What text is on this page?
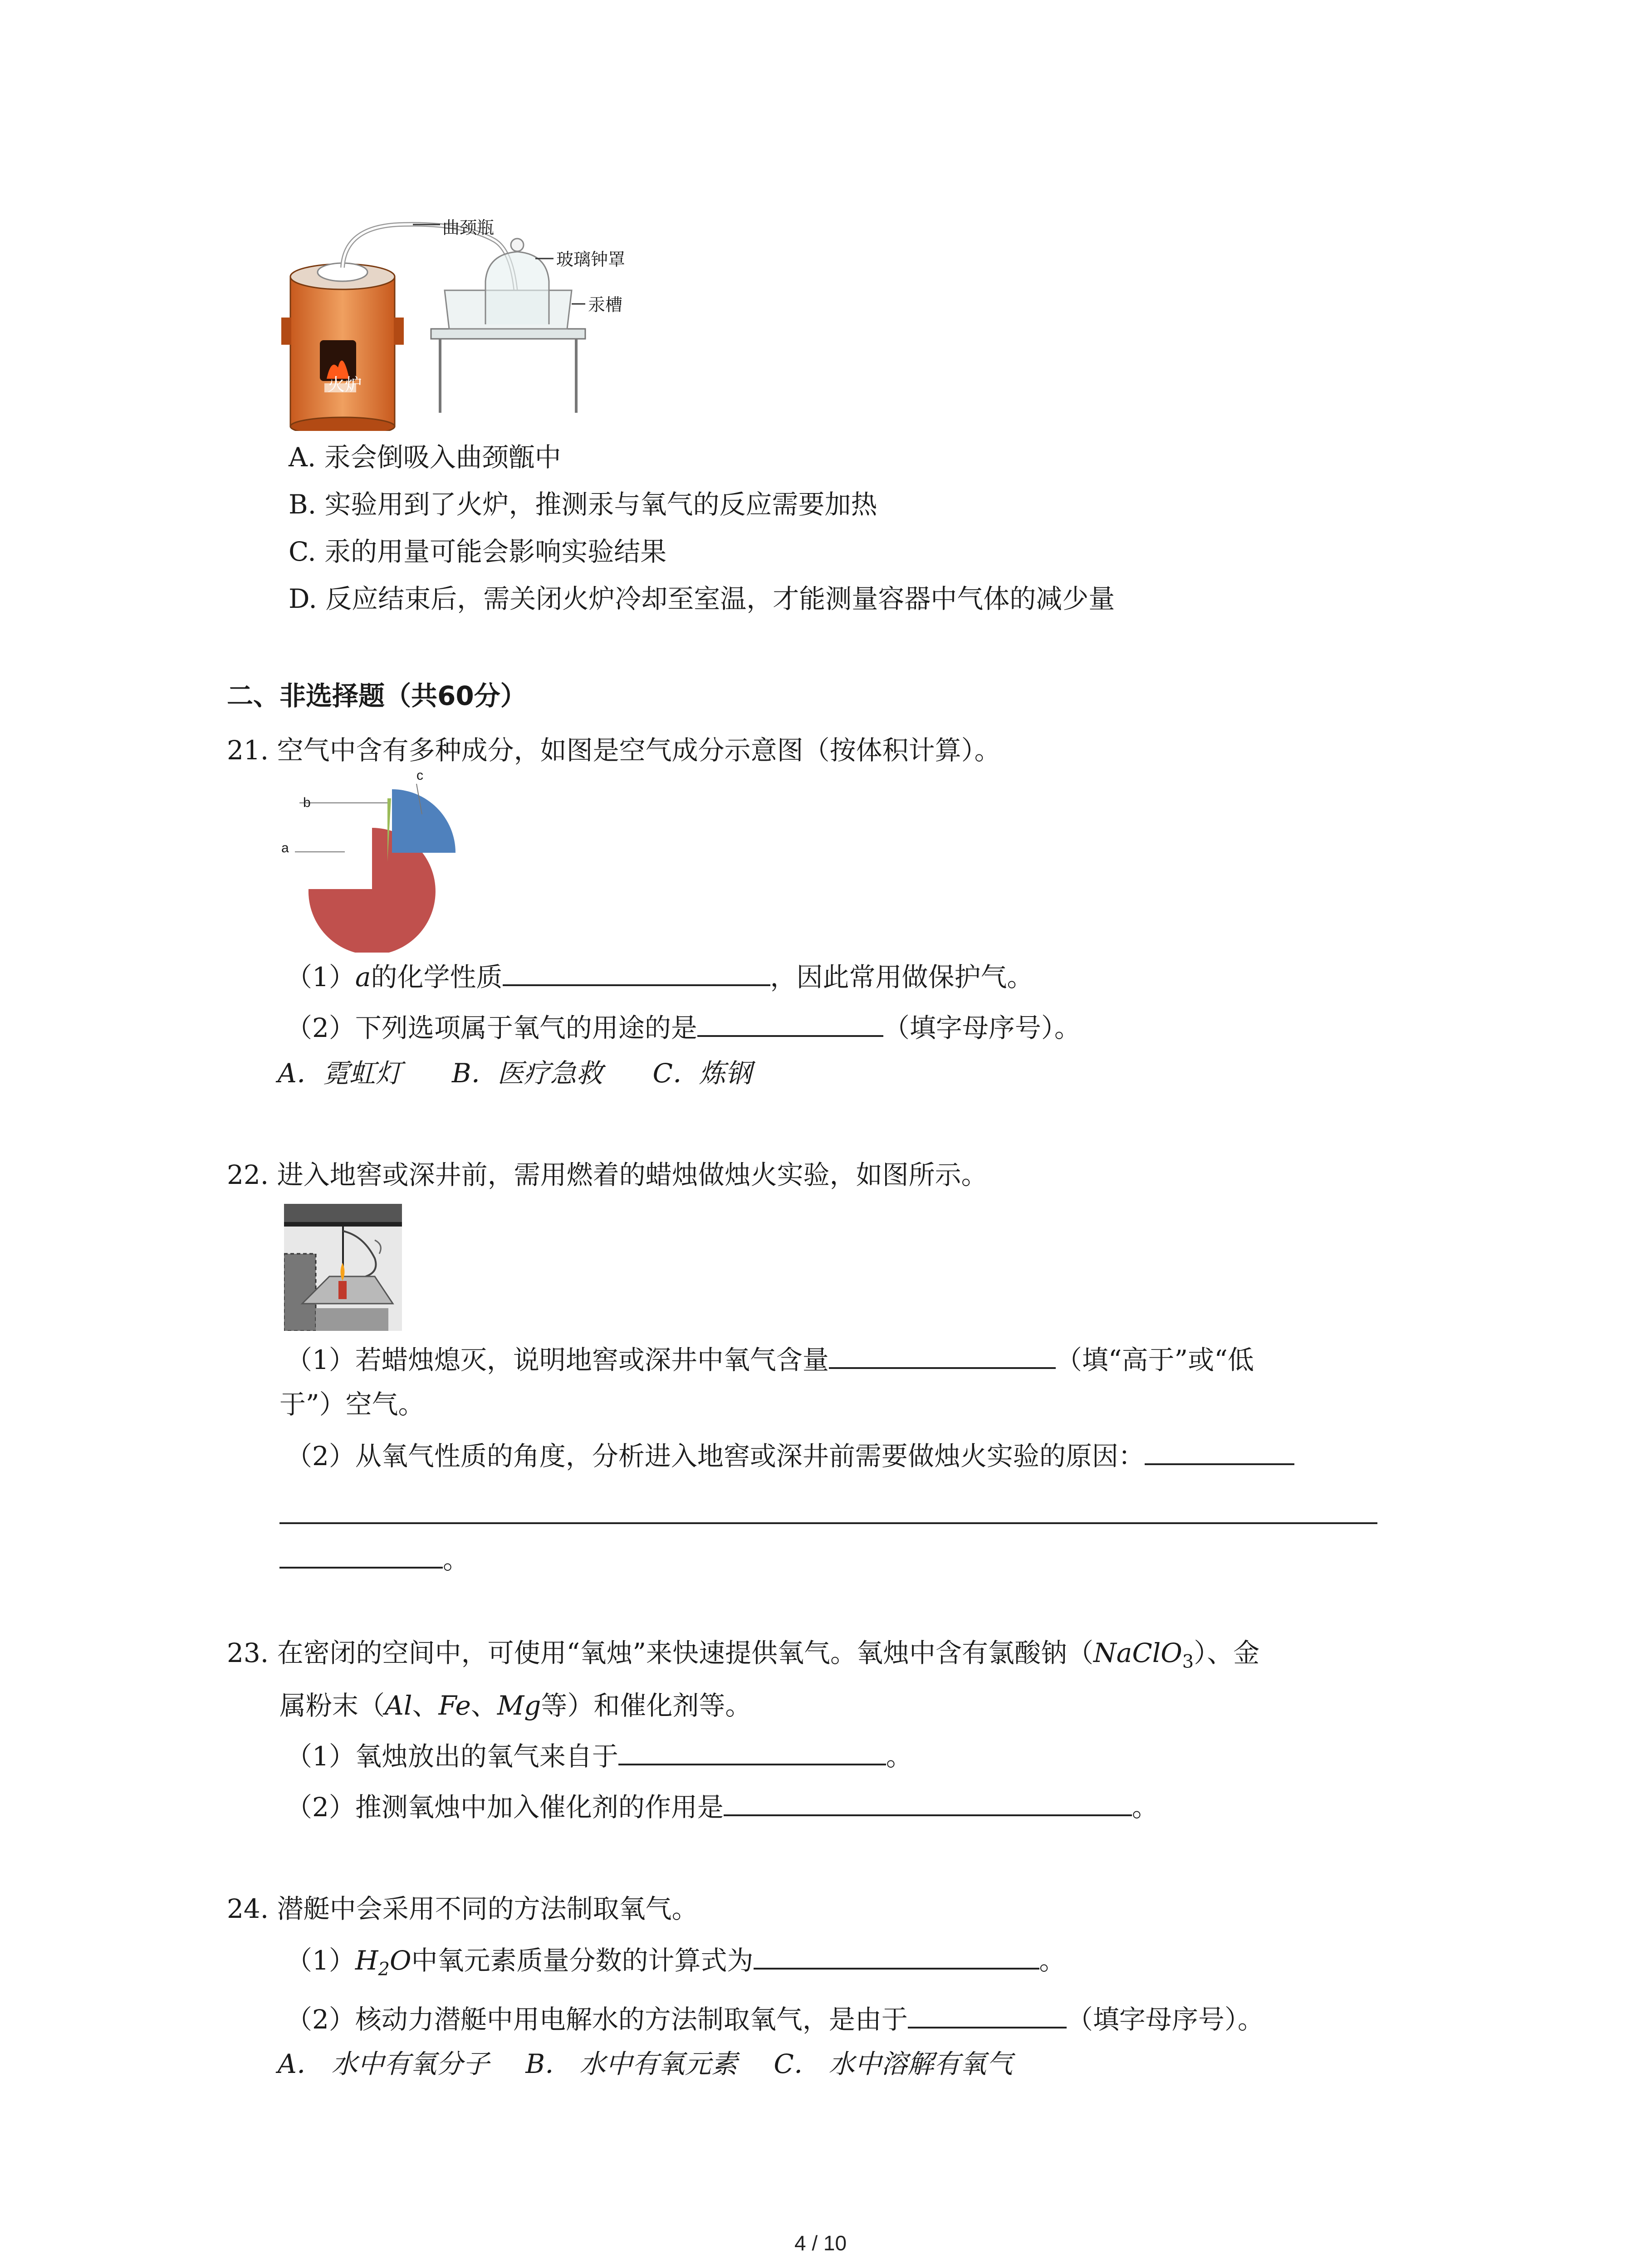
曲颈瓶
玻璃钟罩
汞槽
火炉
A. 汞会倒吸入曲颈甑中
B. 实验用到了火炉，推测汞与氧气的反应需要加热
C. 汞的用量可能会影响实验结果
D. 反应结束后，需关闭火炉冷却至室温，才能测量容器中气体的减少量
二、非选择题（共60分）
21. 空气中含有多种成分，如图是空气成分示意图（按体积计算）。
a
b
c
（1）a的化学性质	，因此常用做保护气。
（2）下列选项属于氧气的用途的是	（填字母序号）。
A．霓虹灯 B．医疗急救 C．炼钢
22. 进入地窖或深井前，需用燃着的蜡烛做烛火实验，如图所示。
（1）若蜡烛熄灭，说明地窖或深井中氧气含量	（填“高于”或“低
于”）空气。
（2）从氧气性质的角度，分析进入地窖或深井前需要做烛火实验的原因：
。
23. 在密闭的空间中，可使用“氧烛”来快速提供氧气。氧烛中含有氯酸钠（NaClO$_3$）、金
属粉末（Al、Fe、Mg等）和催化剂等。
（1）氧烛放出的氧气来自于	。
（2）推测氧烛中加入催化剂的作用是	。
24. 潜艇中会采用不同的方法制取氧气。
$(1)H_2O$中氧元素质量分数的计算式为	。
（2）核动力潜艇中用电解水的方法制取氧气，是由于	（填字母序号）。
A． 水中有氧分子 B． 水中有氧元素 C． 水中溶解有氧气
4 / 10
